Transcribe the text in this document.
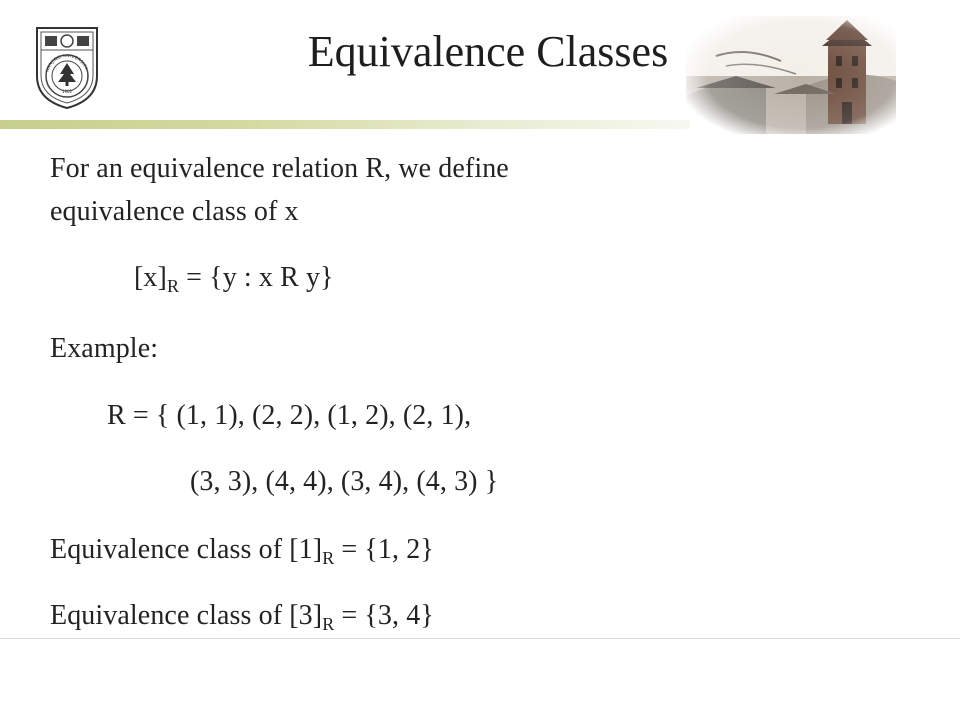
1902
NANJING UNIVERSITY	Equivalence Classes
For an equivalence relation R, we define
equivalence class of x
$[x]_R = \{y$ : x R y}
Example:
R = { (1, 1), (2, 2), (1, 2), (2, 1),
(3, 3), (4, 4), (3, 4), (4, 3) }
Equivalence class of $[1]_R = \{1$, 2}
Equivalence class of $[3]_R = \{3$, 4}
